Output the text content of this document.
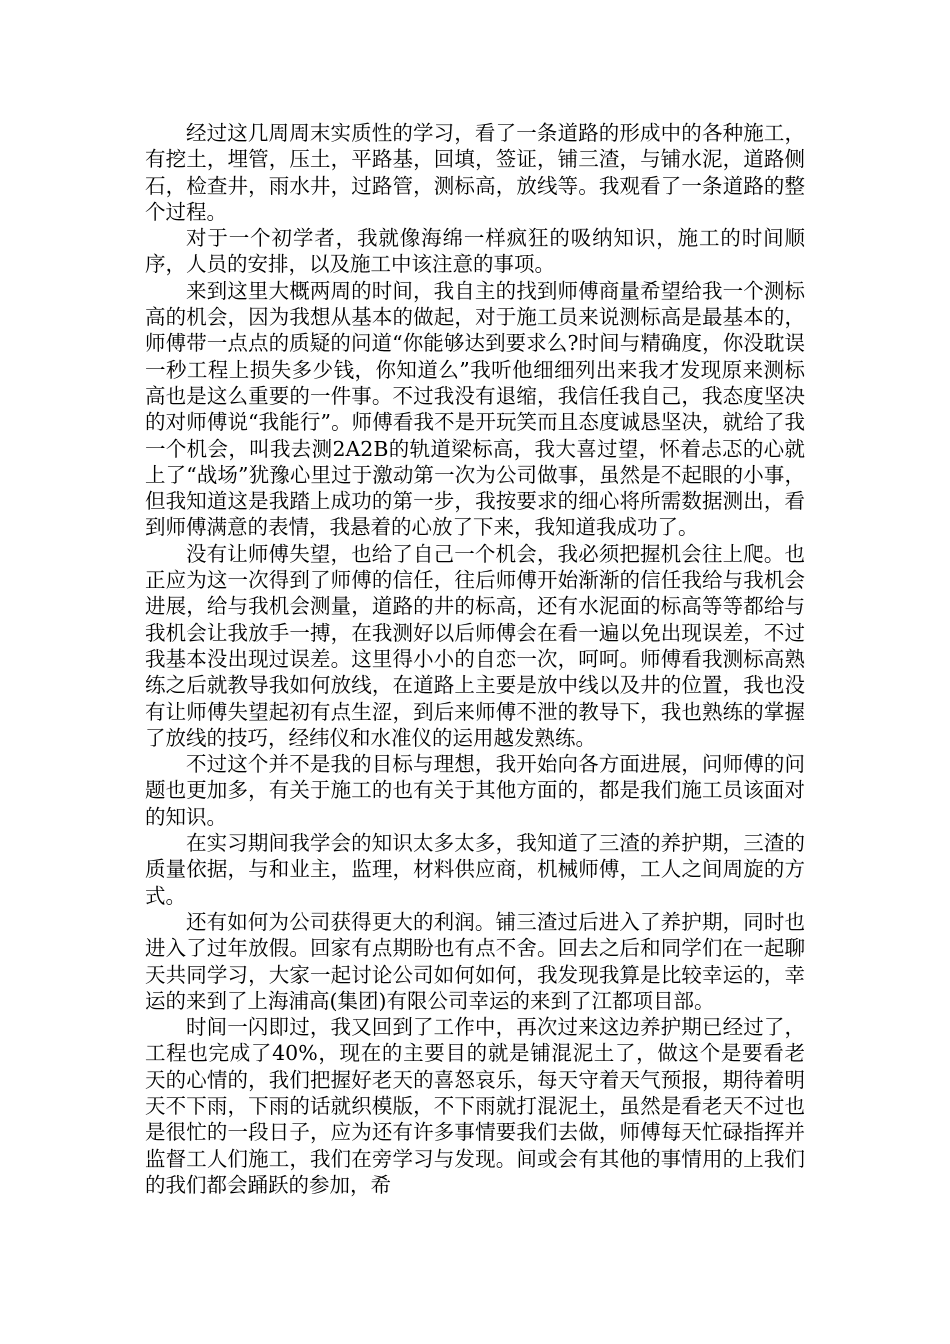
经过这几周周末实质性的学习，看了一条道路的形成中的各种施工，有挖土，埋管，压土，平路基，回填，签证，铺三渣，与铺水泥，道路侧石，检查井，雨水井，过路管，测标高，放线等。我观看了一条道路的整个过程。

对于一个初学者，我就像海绵一样疯狂的吸纳知识，施工的时间顺序，人员的安排，以及施工中该注意的事项。

来到这里大概两周的时间，我自主的找到师傅商量希望给我一个测标高的机会，因为我想从基本的做起，对于施工员来说测标高是最基本的，师傅带一点点的质疑的问道“你能够达到要求么?时间与精确度，你没耽误一秒工程上损失多少钱，你知道么”我听他细细列出来我才发现原来测标高也是这么重要的一件事。不过我没有退缩，我信任我自己，我态度坚决的对师傅说“我能行”。师傅看我不是开玩笑而且态度诚恳坚决，就给了我一个机会，叫我去测2A2B的轨道梁标高，我大喜过望，怀着忐忑的心就上了“战场”犹豫心里过于激动第一次为公司做事，虽然是不起眼的小事，但我知道这是我踏上成功的第一步，我按要求的细心将所需数据测出，看到师傅满意的表情，我悬着的心放了下来，我知道我成功了。

没有让师傅失望，也给了自己一个机会，我必须把握机会往上爬。也正应为这一次得到了师傅的信任，往后师傅开始渐渐的信任我给与我机会进展，给与我机会测量，道路的井的标高，还有水泥面的标高等等都给与我机会让我放手一搏，在我测好以后师傅会在看一遍以免出现误差，不过我基本没出现过误差。这里得小小的自恋一次，呵呵。师傅看我测标高熟练之后就教导我如何放线，在道路上主要是放中线以及井的位置，我也没有让师傅失望起初有点生涩，到后来师傅不泄的教导下，我也熟练的掌握了放线的技巧，经纬仪和水准仪的运用越发熟练。

不过这个并不是我的目标与理想，我开始向各方面进展，问师傅的问题也更加多，有关于施工的也有关于其他方面的，都是我们施工员该面对的知识。

在实习期间我学会的知识太多太多，我知道了三渣的养护期，三渣的质量依据，与和业主，监理，材料供应商，机械师傅，工人之间周旋的方式。

还有如何为公司获得更大的利润。铺三渣过后进入了养护期，同时也进入了过年放假。回家有点期盼也有点不舍。回去之后和同学们在一起聊天共同学习，大家一起讨论公司如何如何，我发现我算是比较幸运的，幸运的来到了上海浦高(集团)有限公司幸运的来到了江都项目部。

时间一闪即过，我又回到了工作中，再次过来这边养护期已经过了，工程也完成了40%，现在的主要目的就是铺混泥土了，做这个是要看老天的心情的，我们把握好老天的喜怒哀乐，每天守着天气预报，期待着明天不下雨，下雨的话就织模版，不下雨就打混泥土，虽然是看老天不过也是很忙的一段日子，应为还有许多事情要我们去做，师傅每天忙碌指挥并监督工人们施工，我们在旁学习与发现。间或会有其他的事情用的上我们的我们都会踊跃的参加，希
